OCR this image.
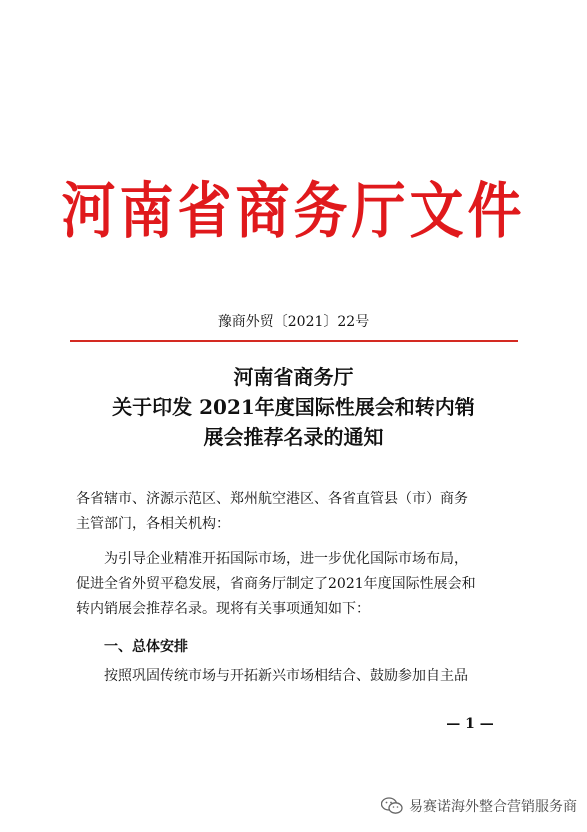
河南省商务厅文件
豫商外贸〔2021〕22号
河南省商务厅
关于印发 2021年度国际性展会和转内销
展会推荐名录的通知
各省辖市、济源示范区、郑州航空港区、各省直管县（市）商务
主管部门，各相关机构：
为引导企业精准开拓国际市场，进一步优化国际市场布局，
促进全省外贸平稳发展，省商务厅制定了2021年度国际性展会和
转内销展会推荐名录。现将有关事项通知如下：
一、总体安排
按照巩固传统市场与开拓新兴市场相结合、鼓励参加自主品
— 1 —
易赛诺海外整合营销服务商
